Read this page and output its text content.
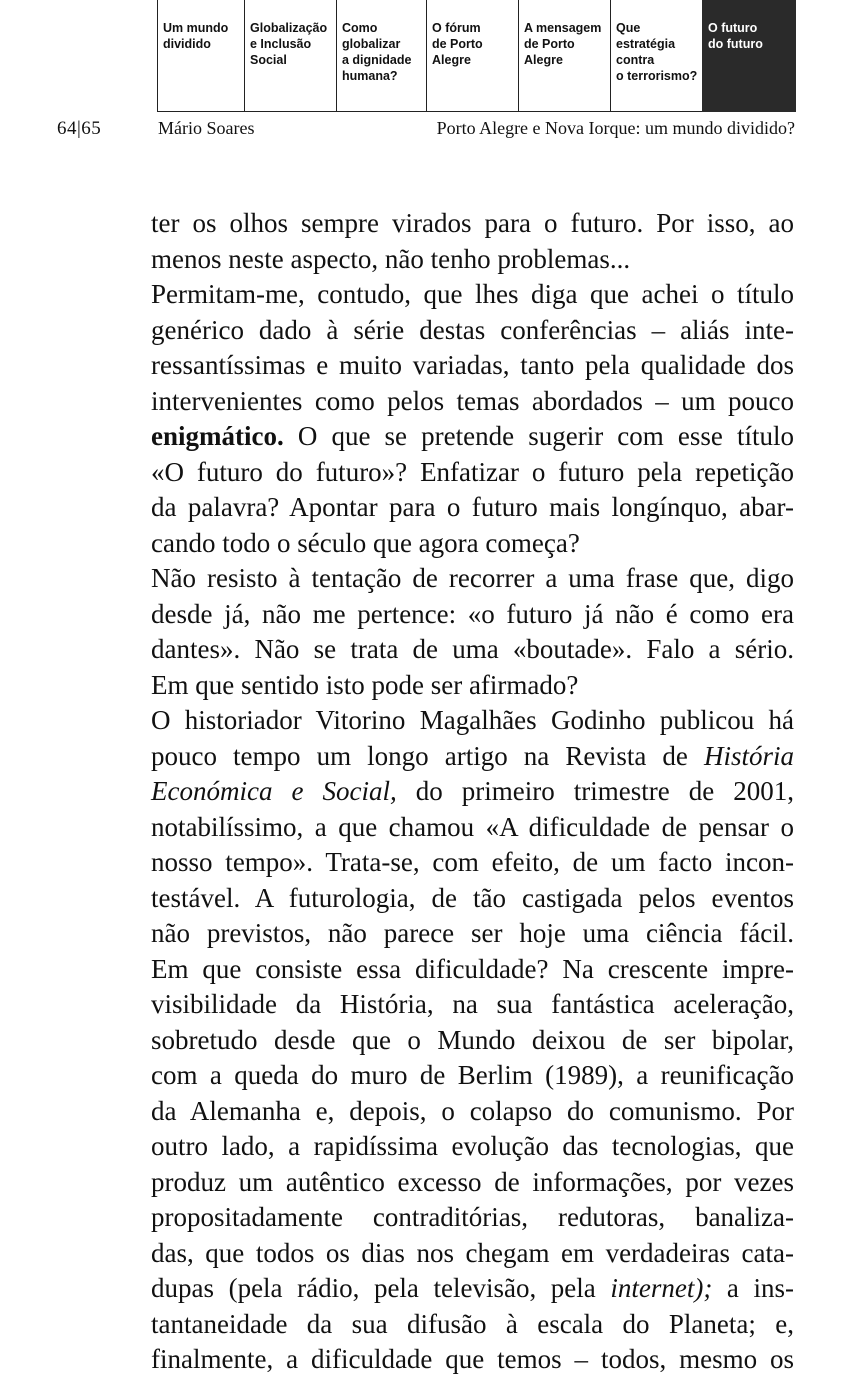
Um mundo
dividido
Globalização
e Inclusão
Social
Como
globalizar
a dignidade
humana?
O fórum
de Porto
Alegre
A mensagem
de Porto
Alegre
Que
estratégia
contra
o terrorismo?
O futuro
do futuro
64|65	Mário Soares	Porto Alegre e Nova Iorque: um mundo dividido?
ter os olhos sempre virados para o futuro. Por isso, ao
menos neste aspecto, não tenho problemas...
Permitam-me, contudo, que lhes diga que achei o título
genérico dado à série destas conferências – aliás inte-
ressantíssimas e muito variadas, tanto pela qualidade dos
intervenientes como pelos temas abordados – um pouco
enigmático. O que se pretende sugerir com esse título
«O futuro do futuro»? Enfatizar o futuro pela repetição
da palavra? Apontar para o futuro mais longínquo, abar-
cando todo o século que agora começa?
Não resisto à tentação de recorrer a uma frase que, digo
desde já, não me pertence: «o futuro já não é como era
dantes». Não se trata de uma «boutade». Falo a sério.
Em que sentido isto pode ser afirmado?
O historiador Vitorino Magalhães Godinho publicou há
pouco tempo um longo artigo na Revista de História
Económica e Social, do primeiro trimestre de 2001,
notabilíssimo, a que chamou «A dificuldade de pensar o
nosso tempo». Trata-se, com efeito, de um facto incon-
testável. A futurologia, de tão castigada pelos eventos
não previstos, não parece ser hoje uma ciência fácil.
Em que consiste essa dificuldade? Na crescente impre-
visibilidade da História, na sua fantástica aceleração,
sobretudo desde que o Mundo deixou de ser bipolar,
com a queda do muro de Berlim (1989), a reunificação
da Alemanha e, depois, o colapso do comunismo. Por
outro lado, a rapidíssima evolução das tecnologias, que
produz um autêntico excesso de informações, por vezes
propositadamente contraditórias, redutoras, banaliza-
das, que todos os dias nos chegam em verdadeiras cata-
dupas (pela rádio, pela televisão, pela internet); a ins-
tantaneidade da sua difusão à escala do Planeta; e,
finalmente, a dificuldade que temos – todos, mesmo os
